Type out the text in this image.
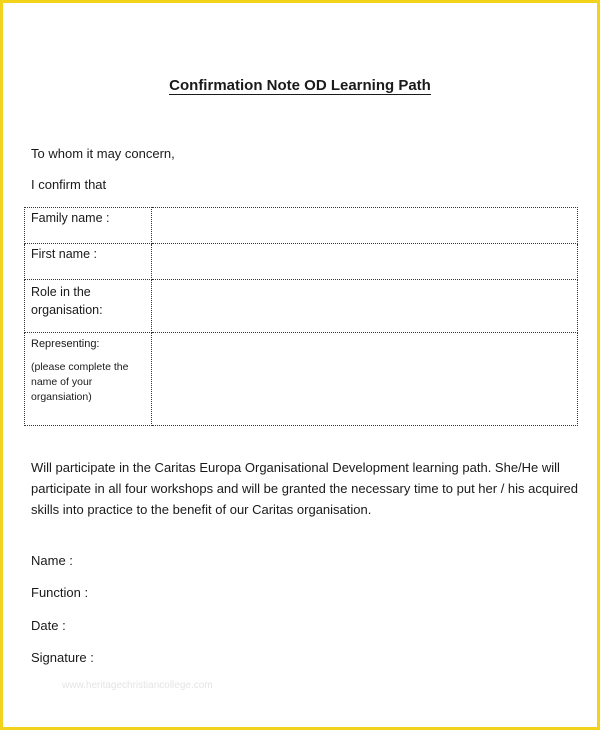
Confirmation Note OD Learning Path
To whom it may concern,
I confirm that
Family name :	
First name :	
Role in the
organisation:	
Representing:
(please complete the
name of your
organsiation)	

Will participate in the Caritas Europa Organisational Development learning path. She/He will participate in all four workshops and will be granted the necessary time to put her / his acquired skills into practice to the benefit of our Caritas organisation.
Name :
Function :
Date :
Signature :
www.heritagechristiancollege.com
